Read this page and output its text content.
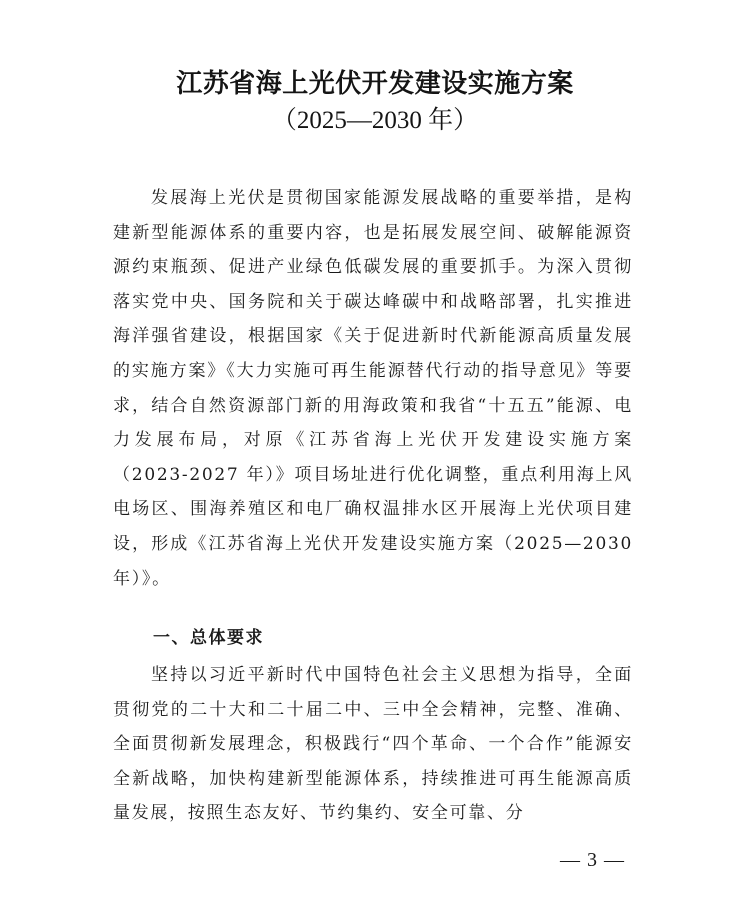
江苏省海上光伏开发建设实施方案
（2025—2030 年）

发展海上光伏是贯彻国家能源发展战略的重要举措，是构建新型能源体系的重要内容，也是拓展发展空间、破解能源资源约束瓶颈、促进产业绿色低碳发展的重要抓手。为深入贯彻落实党中央、国务院和关于碳达峰碳中和战略部署，扎实推进海洋强省建设，根据国家《关于促进新时代新能源高质量发展的实施方案》《大力实施可再生能源替代行动的指导意见》等要求，结合自然资源部门新的用海政策和我省“十五五”能源、电力发展布局，对原《江苏省海上光伏开发建设实施方案（2023-2027 年）》项目场址进行优化调整，重点利用海上风电场区、围海养殖区和电厂确权温排水区开展海上光伏项目建设，形成《江苏省海上光伏开发建设实施方案（2025—2030 年）》。

一、总体要求

坚持以习近平新时代中国特色社会主义思想为指导，全面贯彻党的二十大和二十届二中、三中全会精神，完整、准确、全面贯彻新发展理念，积极践行“四个革命、一个合作”能源安全新战略，加快构建新型能源体系，持续推进可再生能源高质量发展，按照生态友好、节约集约、安全可靠、分

— 3 —
